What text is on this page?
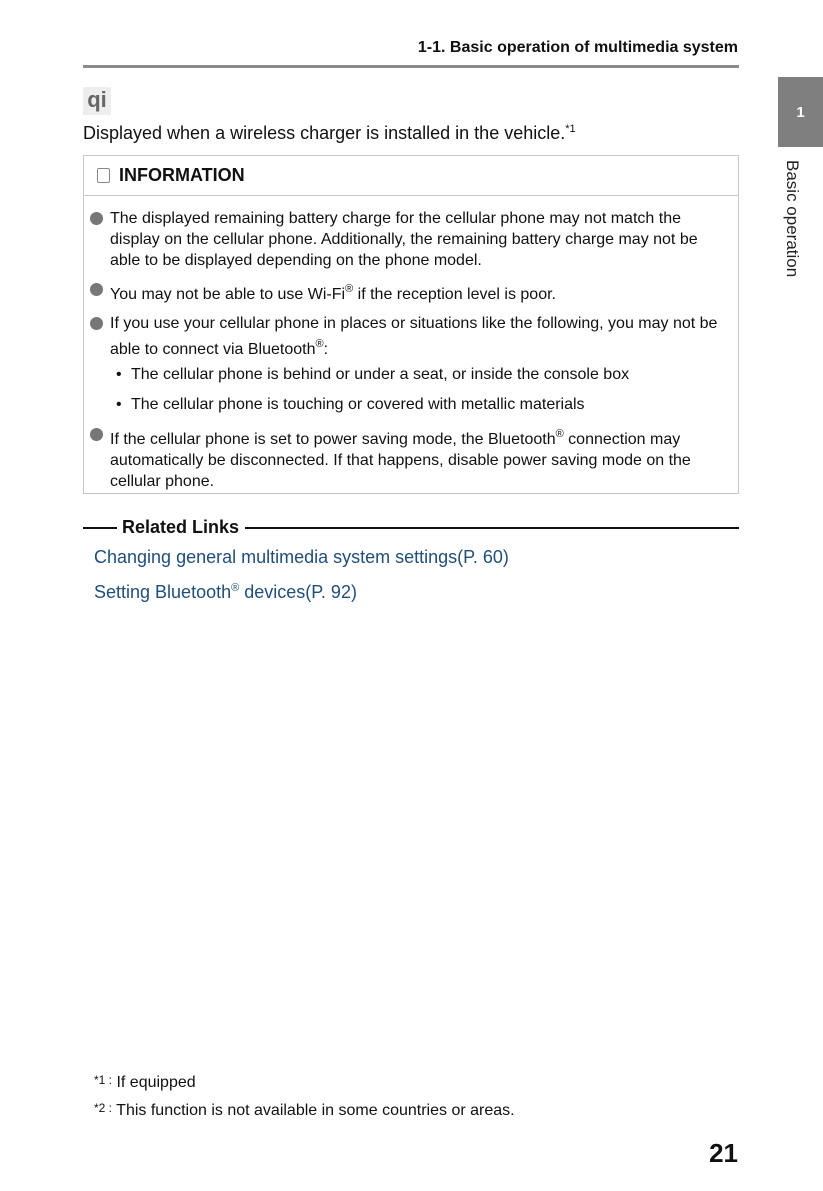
1-1. Basic operation of multimedia system
1
Basic operation
qi
Displayed when a wireless charger is installed in the vehicle.$^{*1}$
INFORMATION
The displayed remaining battery charge for the cellular phone may not match the display on the cellular phone. Additionally, the remaining battery charge may not be able to be displayed depending on the phone model.
You may not be able to use Wi-Fi® if the reception level is poor.
If you use your cellular phone in places or situations like the following, you may not be able to connect via Bluetooth®:
• The cellular phone is behind or under a seat, or inside the console box
• The cellular phone is touching or covered with metallic materials
If the cellular phone is set to power saving mode, the Bluetooth® connection may automatically be disconnected. If that happens, disable power saving mode on the cellular phone.
Related Links
Changing general multimedia system settings(P. 60)
Setting Bluetooth® devices(P. 92)
*1 : If equipped
*2 : This function is not available in some countries or areas.
21
